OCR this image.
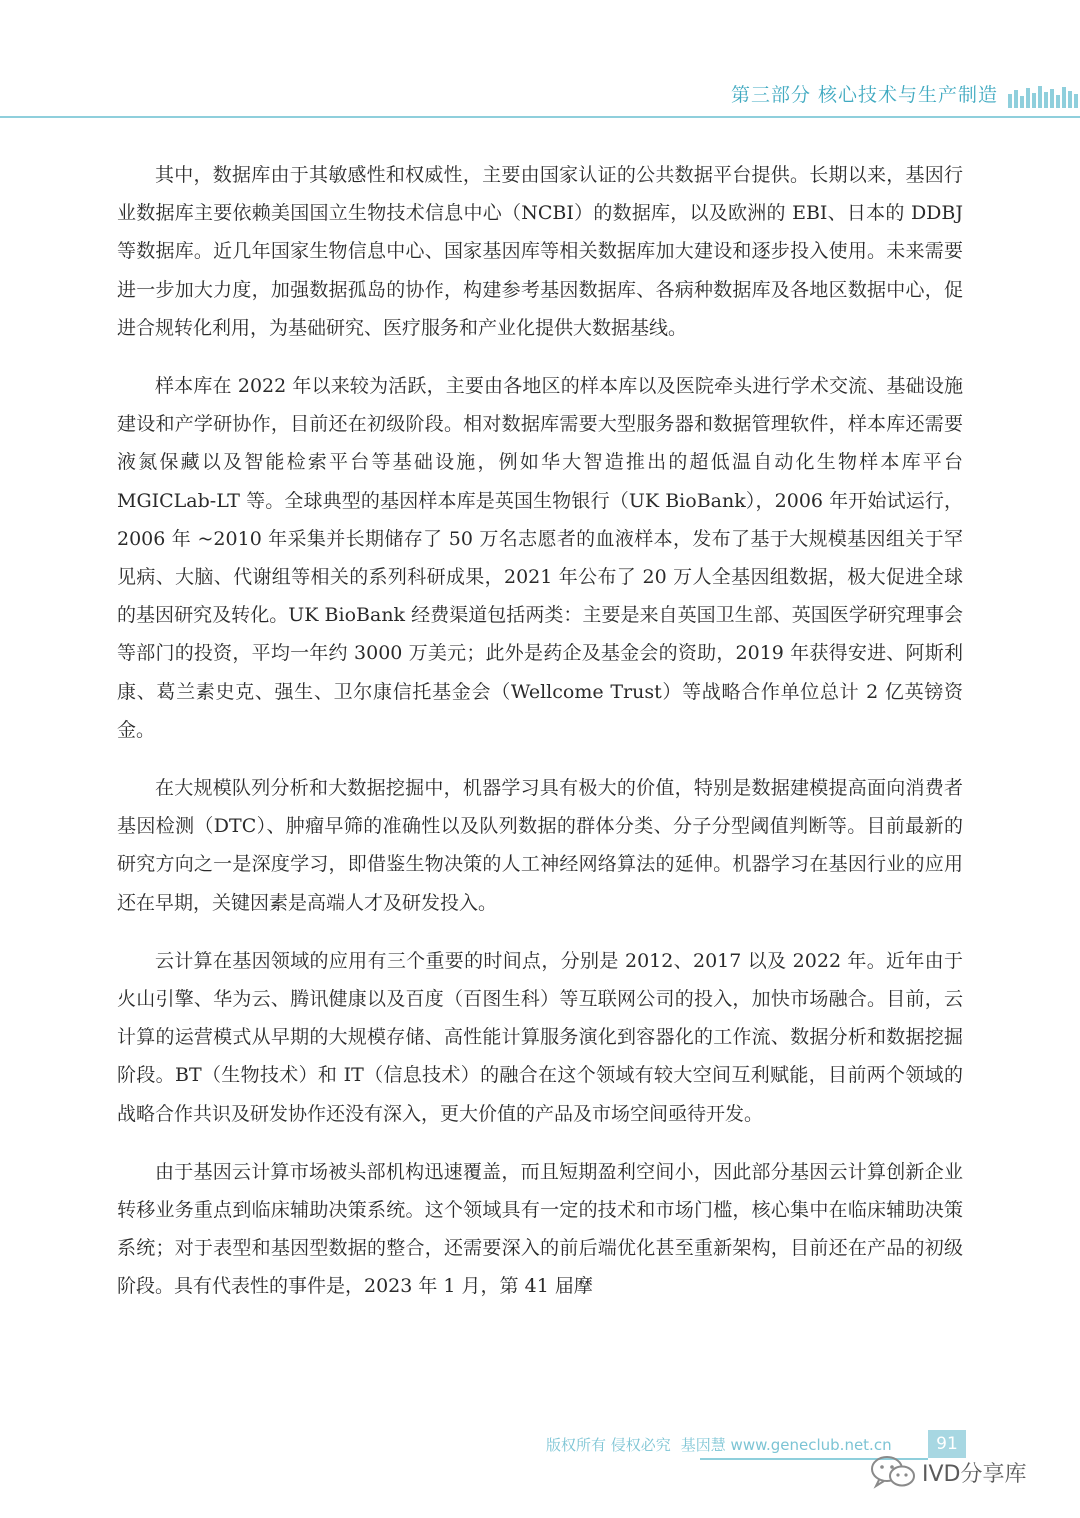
第三部分 核心技术与生产制造

其中，数据库由于其敏感性和权威性，主要由国家认证的公共数据平台提供。长期以来，基因行业数据库主要依赖美国国立生物技术信息中心（NCBI）的数据库，以及欧洲的 EBI、日本的 DDBJ 等数据库。近几年国家生物信息中心、国家基因库等相关数据库加大建设和逐步投入使用。未来需要进一步加大力度，加强数据孤岛的协作，构建参考基因数据库、各病种数据库及各地区数据中心，促进合规转化利用，为基础研究、医疗服务和产业化提供大数据基线。

样本库在 2022 年以来较为活跃，主要由各地区的样本库以及医院牵头进行学术交流、基础设施建设和产学研协作，目前还在初级阶段。相对数据库需要大型服务器和数据管理软件，样本库还需要液氮保藏以及智能检索平台等基础设施，例如华大智造推出的超低温自动化生物样本库平台 MGICLab-LT 等。全球典型的基因样本库是英国生物银行（UK BioBank），2006 年开始试运行，2006 年 ~2010 年采集并长期储存了 50 万名志愿者的血液样本，发布了基于大规模基因组关于罕见病、大脑、代谢组等相关的系列科研成果，2021 年公布了 20 万人全基因组数据，极大促进全球的基因研究及转化。UK BioBank 经费渠道包括两类：主要是来自英国卫生部、英国医学研究理事会等部门的投资，平均一年约 3000 万美元；此外是药企及基金会的资助，2019 年获得安进、阿斯利康、葛兰素史克、强生、卫尔康信托基金会（Wellcome Trust）等战略合作单位总计 2 亿英镑资金。

在大规模队列分析和大数据挖掘中，机器学习具有极大的价值，特别是数据建模提高面向消费者基因检测（DTC）、肿瘤早筛的准确性以及队列数据的群体分类、分子分型阈值判断等。目前最新的研究方向之一是深度学习，即借鉴生物决策的人工神经网络算法的延伸。机器学习在基因行业的应用还在早期，关键因素是高端人才及研发投入。

云计算在基因领域的应用有三个重要的时间点，分别是 2012、2017 以及 2022 年。近年由于火山引擎、华为云、腾讯健康以及百度（百图生科）等互联网公司的投入，加快市场融合。目前，云计算的运营模式从早期的大规模存储、高性能计算服务演化到容器化的工作流、数据分析和数据挖掘阶段。BT（生物技术）和 IT（信息技术）的融合在这个领域有较大空间互利赋能，目前两个领域的战略合作共识及研发协作还没有深入，更大价值的产品及市场空间亟待开发。

由于基因云计算市场被头部机构迅速覆盖，而且短期盈利空间小，因此部分基因云计算创新企业转移业务重点到临床辅助决策系统。这个领域具有一定的技术和市场门槛，核心集中在临床辅助决策系统；对于表型和基因型数据的整合，还需要深入的前后端优化甚至重新架构，目前还在产品的初级阶段。具有代表性的事件是，2023 年 1 月，第 41 届摩

版权所有 侵权必究 基因慧 www.geneclub.net.cn	91
IVD分享库
